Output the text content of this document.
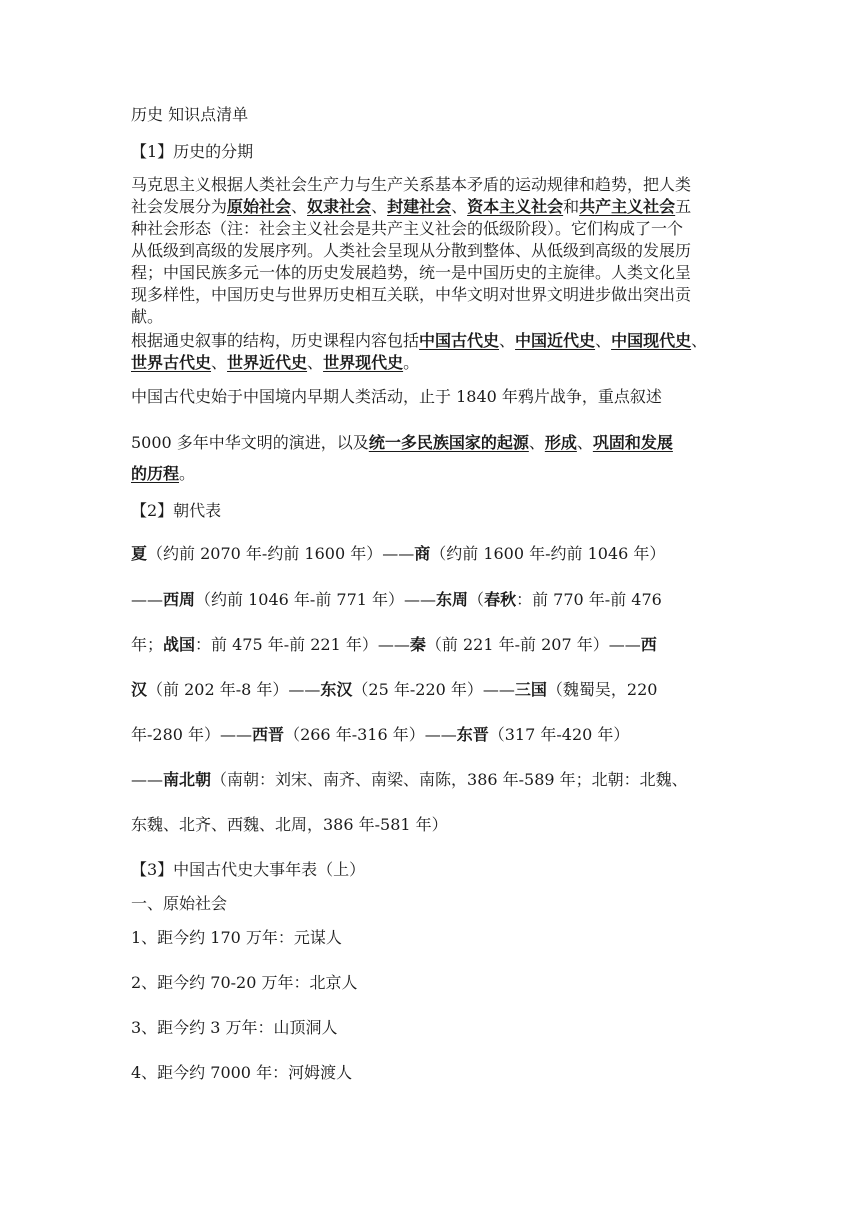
历史 知识点清单
【1】历史的分期
马克思主义根据人类社会生产力与生产关系基本矛盾的运动规律和趋势，把人类
社会发展分为原始社会、奴隶社会、封建社会、资本主义社会和共产主义社会五
种社会形态（注：社会主义社会是共产主义社会的低级阶段）。它们构成了一个
从低级到高级的发展序列。人类社会呈现从分散到整体、从低级到高级的发展历
程；中国民族多元一体的历史发展趋势，统一是中国历史的主旋律。人类文化呈
现多样性，中国历史与世界历史相互关联，中华文明对世界文明进步做出突出贡
献。
根据通史叙事的结构，历史课程内容包括中国古代史、中国近代史、中国现代史、
世界古代史、世界近代史、世界现代史。
中国古代史始于中国境内早期人类活动，止于 1840 年鸦片战争，重点叙述
5000 多年中华文明的演进，以及统一多民族国家的起源、形成、巩固和发展
的历程。
【2】朝代表
夏（约前 2070 年-约前 1600 年）——商（约前 1600 年-约前 1046 年）
——西周（约前 1046 年-前 771 年）——东周（春秋：前 770 年-前 476
年；战国：前 475 年-前 221 年）——秦（前 221 年-前 207 年）——西
汉（前 202 年-8 年）——东汉（25 年-220 年）——三国（魏蜀吴，220
年-280 年）——西晋（266 年-316 年）——东晋（317 年-420 年）
——南北朝（南朝：刘宋、南齐、南梁、南陈，386 年-589 年；北朝：北魏、
东魏、北齐、西魏、北周，386 年-581 年）
【3】中国古代史大事年表（上）
一、原始社会
1、距今约 170 万年：元谋人
2、距今约 70-20 万年：北京人
3、距今约 3 万年：山顶洞人
4、距今约 7000 年：河姆渡人
